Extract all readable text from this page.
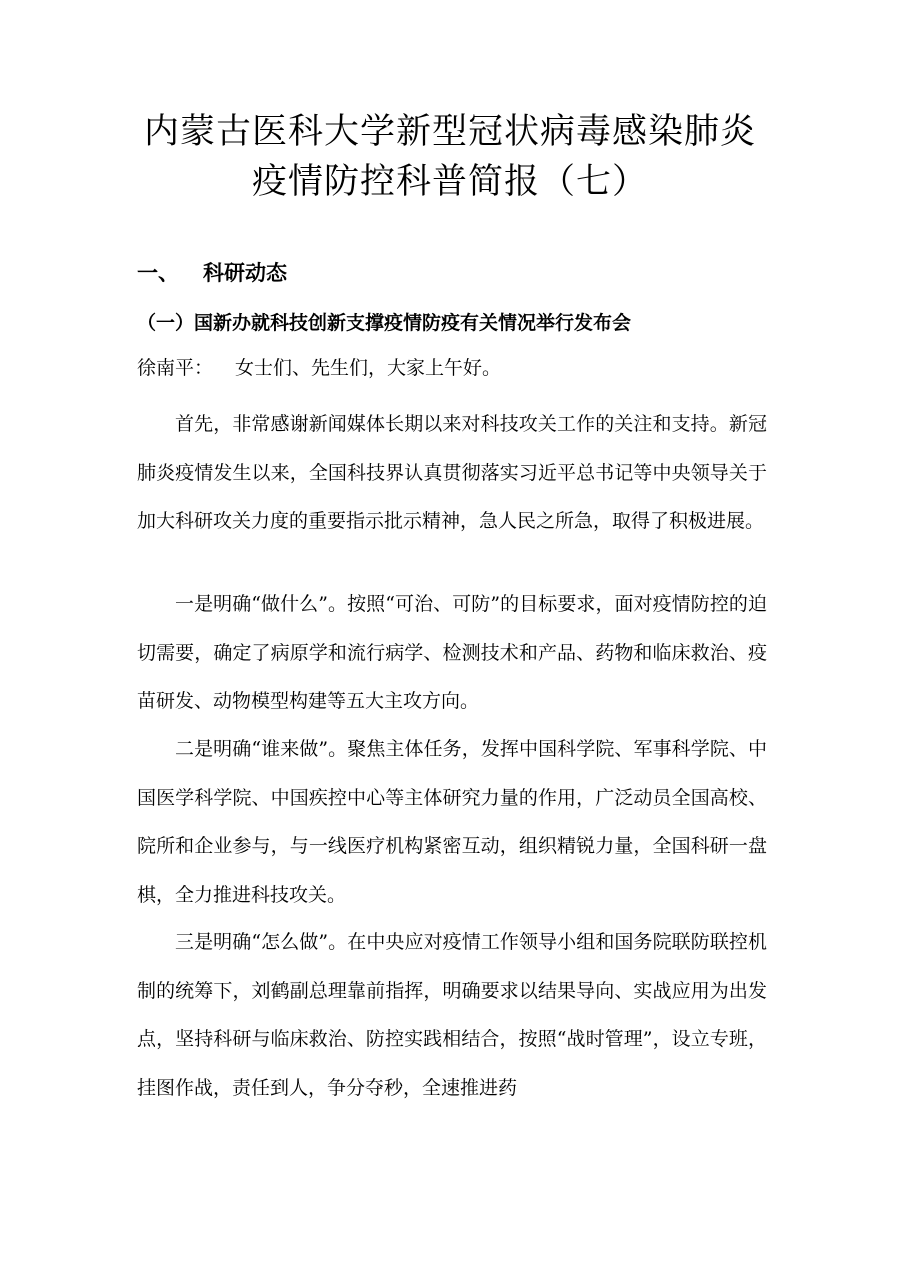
内蒙古医科大学新型冠状病毒感染肺炎
疫情防控科普简报（七）
一、 科研动态
（一）国新办就科技创新支撑疫情防疫有关情况举行发布会
徐南平： 女士们、先生们，大家上午好。
首先，非常感谢新闻媒体长期以来对科技攻关工作的关注和支持。新冠肺炎疫情发生以来，全国科技界认真贯彻落实习近平总书记等中央领导关于加大科研攻关力度的重要指示批示精神，急人民之所急，取得了积极进展。
一是明确“做什么”。按照“可治、可防”的目标要求，面对疫情防控的迫切需要，确定了病原学和流行病学、检测技术和产品、药物和临床救治、疫苗研发、动物模型构建等五大主攻方向。
二是明确“谁来做”。聚焦主体任务，发挥中国科学院、军事科学院、中国医学科学院、中国疾控中心等主体研究力量的作用，广泛动员全国高校、院所和企业参与，与一线医疗机构紧密互动，组织精锐力量，全国科研一盘棋，全力推进科技攻关。
三是明确“怎么做”。在中央应对疫情工作领导小组和国务院联防联控机制的统筹下，刘鹤副总理靠前指挥，明确要求以结果导向、实战应用为出发点，坚持科研与临床救治、防控实践相结合，按照“战时管理”，设立专班，挂图作战，责任到人，争分夺秒，全速推进药
